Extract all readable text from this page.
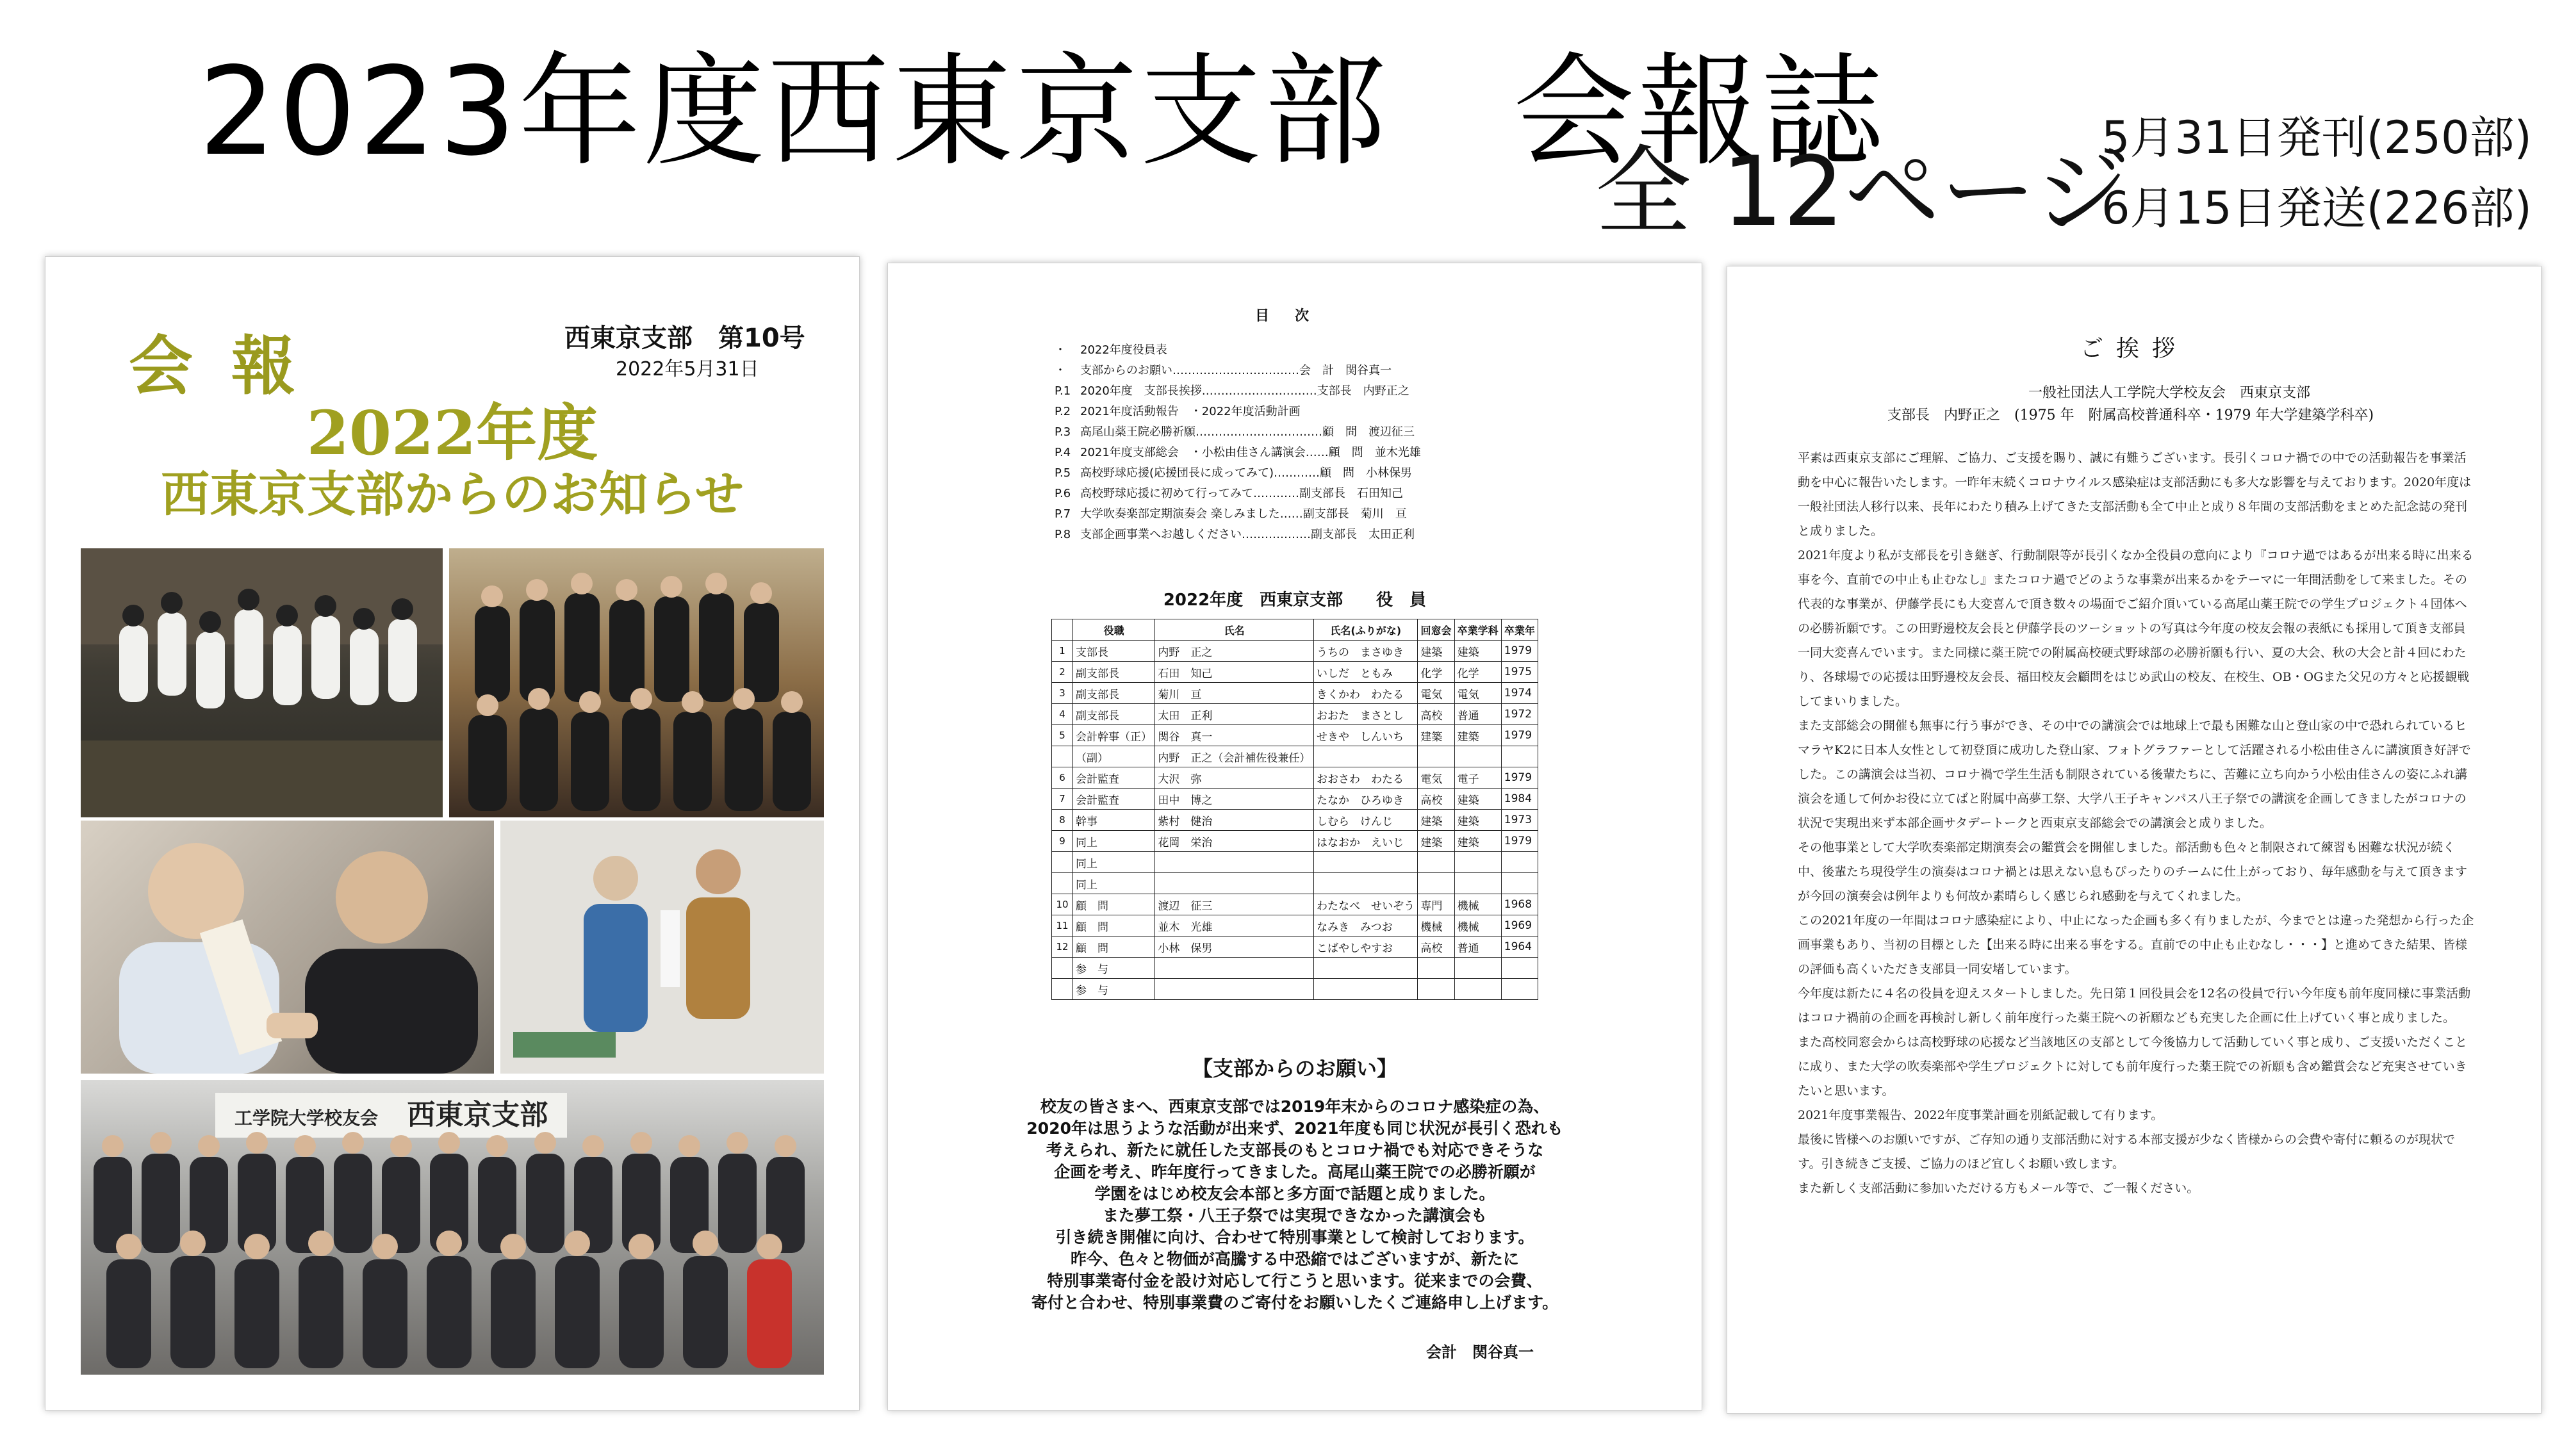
2023年度西東京支部　会報誌
全 12ページ
5月31日発刊(250部)
6月15日発送(226部)
会報	西東京支部　第10号
2022年5月31日
2022年度
西東京支部からのお知らせ
工学院大学校友会 西東京支部
目次
・	2022年度役員表
・	支部からのお願い……………………………会　計　関谷真一
P.1 2020年度　支部長挨拶…………………………支部長　内野正之
P.2 2021年度活動報告　・2022年度活動計画
P.3 高尾山薬王院必勝祈願……………………………顧　問　渡辺征三
P.4 2021年度支部総会　・小松由佳さん講演会……顧　問　並木光雄
P.5 高校野球応援(応援団長に成ってみて)…………顧　問　小林保男
P.6 高校野球応援に初めて行ってみて…………副支部長　石田知己
P.7 大学吹奏楽部定期演奏会 楽しみました……副支部長　菊川　亘
P.8 支部企画事業へお越しください………………副支部長　太田正利
2022年度　西東京支部　　役　員
	役職	氏名	氏名(ふりがな)	回窓会	卒業学科	卒業年
1	支部長	内野　正之	うちの　まさゆき	建築	建築	1979
2	副支部長	石田　知己	いしだ　ともみ	化学	化学	1975
3	副支部長	菊川　亘	きくかわ　わたる	電気	電気	1974
4	副支部長	太田　正利	おおた　まさとし	高校	普通	1972
5	会計幹事（正）	関谷　真一	せきや　しんいち	建築	建築	1979
	（副）	内野　正之（会計補佐役兼任）				
6	会計監査	大沢　弥	おおさわ　わたる	電気	電子	1979
7	会計監査	田中　博之	たなか　ひろゆき	高校	建築	1984
8	幹事	紫村　健治	しむら　けんじ	建築	建築	1973
9	同上	花岡　栄治	はなおか　えいじ	建築	建築	1979
	同上					
	同上					
10	顧　問	渡辺　征三	わたなべ　せいぞう	専門	機械	1968
11	顧　問	並木　光雄	なみき　みつお	機械	機械	1969
12	顧　問	小林　保男	こばやしやすお	高校	普通	1964
	参　与					
	参　与					
【支部からのお願い】
校友の皆さまへ、西東京支部では2019年末からのコロナ感染症の為、
2020年は思うような活動が出来ず、2021年度も同じ状況が長引く恐れも
考えられ、新たに就任した支部長のもとコロナ禍でも対応できそうな
企画を考え、昨年度行ってきました。高尾山薬王院での必勝祈願が
学園をはじめ校友会本部と多方面で話題と成りました。
また夢工祭・八王子祭では実現できなかった講演会も
引き続き開催に向け、合わせて特別事業として検討しております。
昨今、色々と物価が高騰する中恐縮ではございますが、新たに
特別事業寄付金を設け対応して行こうと思います。従来までの会費、
寄付と合わせ、特別事業費のご寄付をお願いしたくご連絡申し上げます。
会計　関谷真一
ご挨拶
一般社団法人工学院大学校友会　西東京支部
支部長　内野正之　(1975 年　附属高校普通科卒・1979 年大学建築学科卒)

平素は西東京支部にご理解、ご協力、ご支援を賜り、誠に有難うございます。長引くコロナ禍での中での活動報告を事業活動を中心に報告いたします。一昨年末続くコロナウイルス感染症は支部活動にも多大な影響を与えております。2020年度は一般社団法人移行以来、長年にわたり積み上げてきた支部活動も全て中止と成り８年間の支部活動をまとめた記念誌の発刊と成りました。

2021年度より私が支部長を引き継ぎ、行動制限等が長引くなか全役員の意向により『コロナ過ではあるが出来る時に出来る事を今、直前での中止も止むなし』またコロナ過でどのような事業が出来るかをテーマに一年間活動をして来ました。その代表的な事業が、伊藤学長にも大変喜んで頂き数々の場面でご紹介頂いている高尾山薬王院での学生プロジェクト４団体への必勝祈願です。この田野邊校友会長と伊藤学長のツーショットの写真は今年度の校友会報の表紙にも採用して頂き支部員一同大変喜んでいます。また同様に薬王院での附属高校硬式野球部の必勝祈願も行い、夏の大会、秋の大会と計４回にわたり、各球場での応援は田野邊校友会長、福田校友会顧問をはじめ武山の校友、在校生、OB・OGまた父兄の方々と応援観戦してまいりました。

また支部総会の開催も無事に行う事ができ、その中での講演会では地球上で最も困難な山と登山家の中で恐れられているヒマラヤK2に日本人女性として初登頂に成功した登山家、フォトグラファーとして活躍される小松由佳さんに講演頂き好評でした。この講演会は当初、コロナ禍で学生生活も制限されている後輩たちに、苦難に立ち向かう小松由佳さんの姿にふれ講演会を通して何かお役に立てばと附属中高夢工祭、大学八王子キャンパス八王子祭での講演を企画してきましたがコロナの状況で実現出来ず本部企画サタデートークと西東京支部総会での講演会と成りました。

その他事業として大学吹奏楽部定期演奏会の鑑賞会を開催しました。部活動も色々と制限されて練習も困難な状況が続く中、後輩たち現役学生の演奏はコロナ禍とは思えない息もぴったりのチームに仕上がっており、毎年感動を与えて頂きますが今回の演奏会は例年よりも何故か素晴らしく感じられ感動を与えてくれました。

この2021年度の一年間はコロナ感染症により、中止になった企画も多く有りましたが、今までとは違った発想から行った企画事業もあり、当初の目標とした【出来る時に出来る事をする。直前での中止も止むなし・・・】と進めてきた結果、皆様の評価も高くいただき支部員一同安堵しています。

今年度は新たに４名の役員を迎えスタートしました。先日第１回役員会を12名の役員で行い今年度も前年度同様に事業活動はコロナ禍前の企画を再検討し新しく前年度行った薬王院への祈願なども充実した企画に仕上げていく事と成りました。

また高校同窓会からは高校野球の応援など当該地区の支部として今後協力して活動していく事と成り、ご支援いただくことに成り、また大学の吹奏楽部や学生プロジェクトに対しても前年度行った薬王院での祈願も含め鑑賞会など充実させていきたいと思います。

2021年度事業報告、2022年度事業計画を別紙記載して有ります。

最後に皆様へのお願いですが、ご存知の通り支部活動に対する本部支援が少なく皆様からの会費や寄付に頼るのが現状です。引き続きご支援、ご協力のほど宜しくお願い致します。

また新しく支部活動に参加いただける方もメール等で、ご一報ください。
